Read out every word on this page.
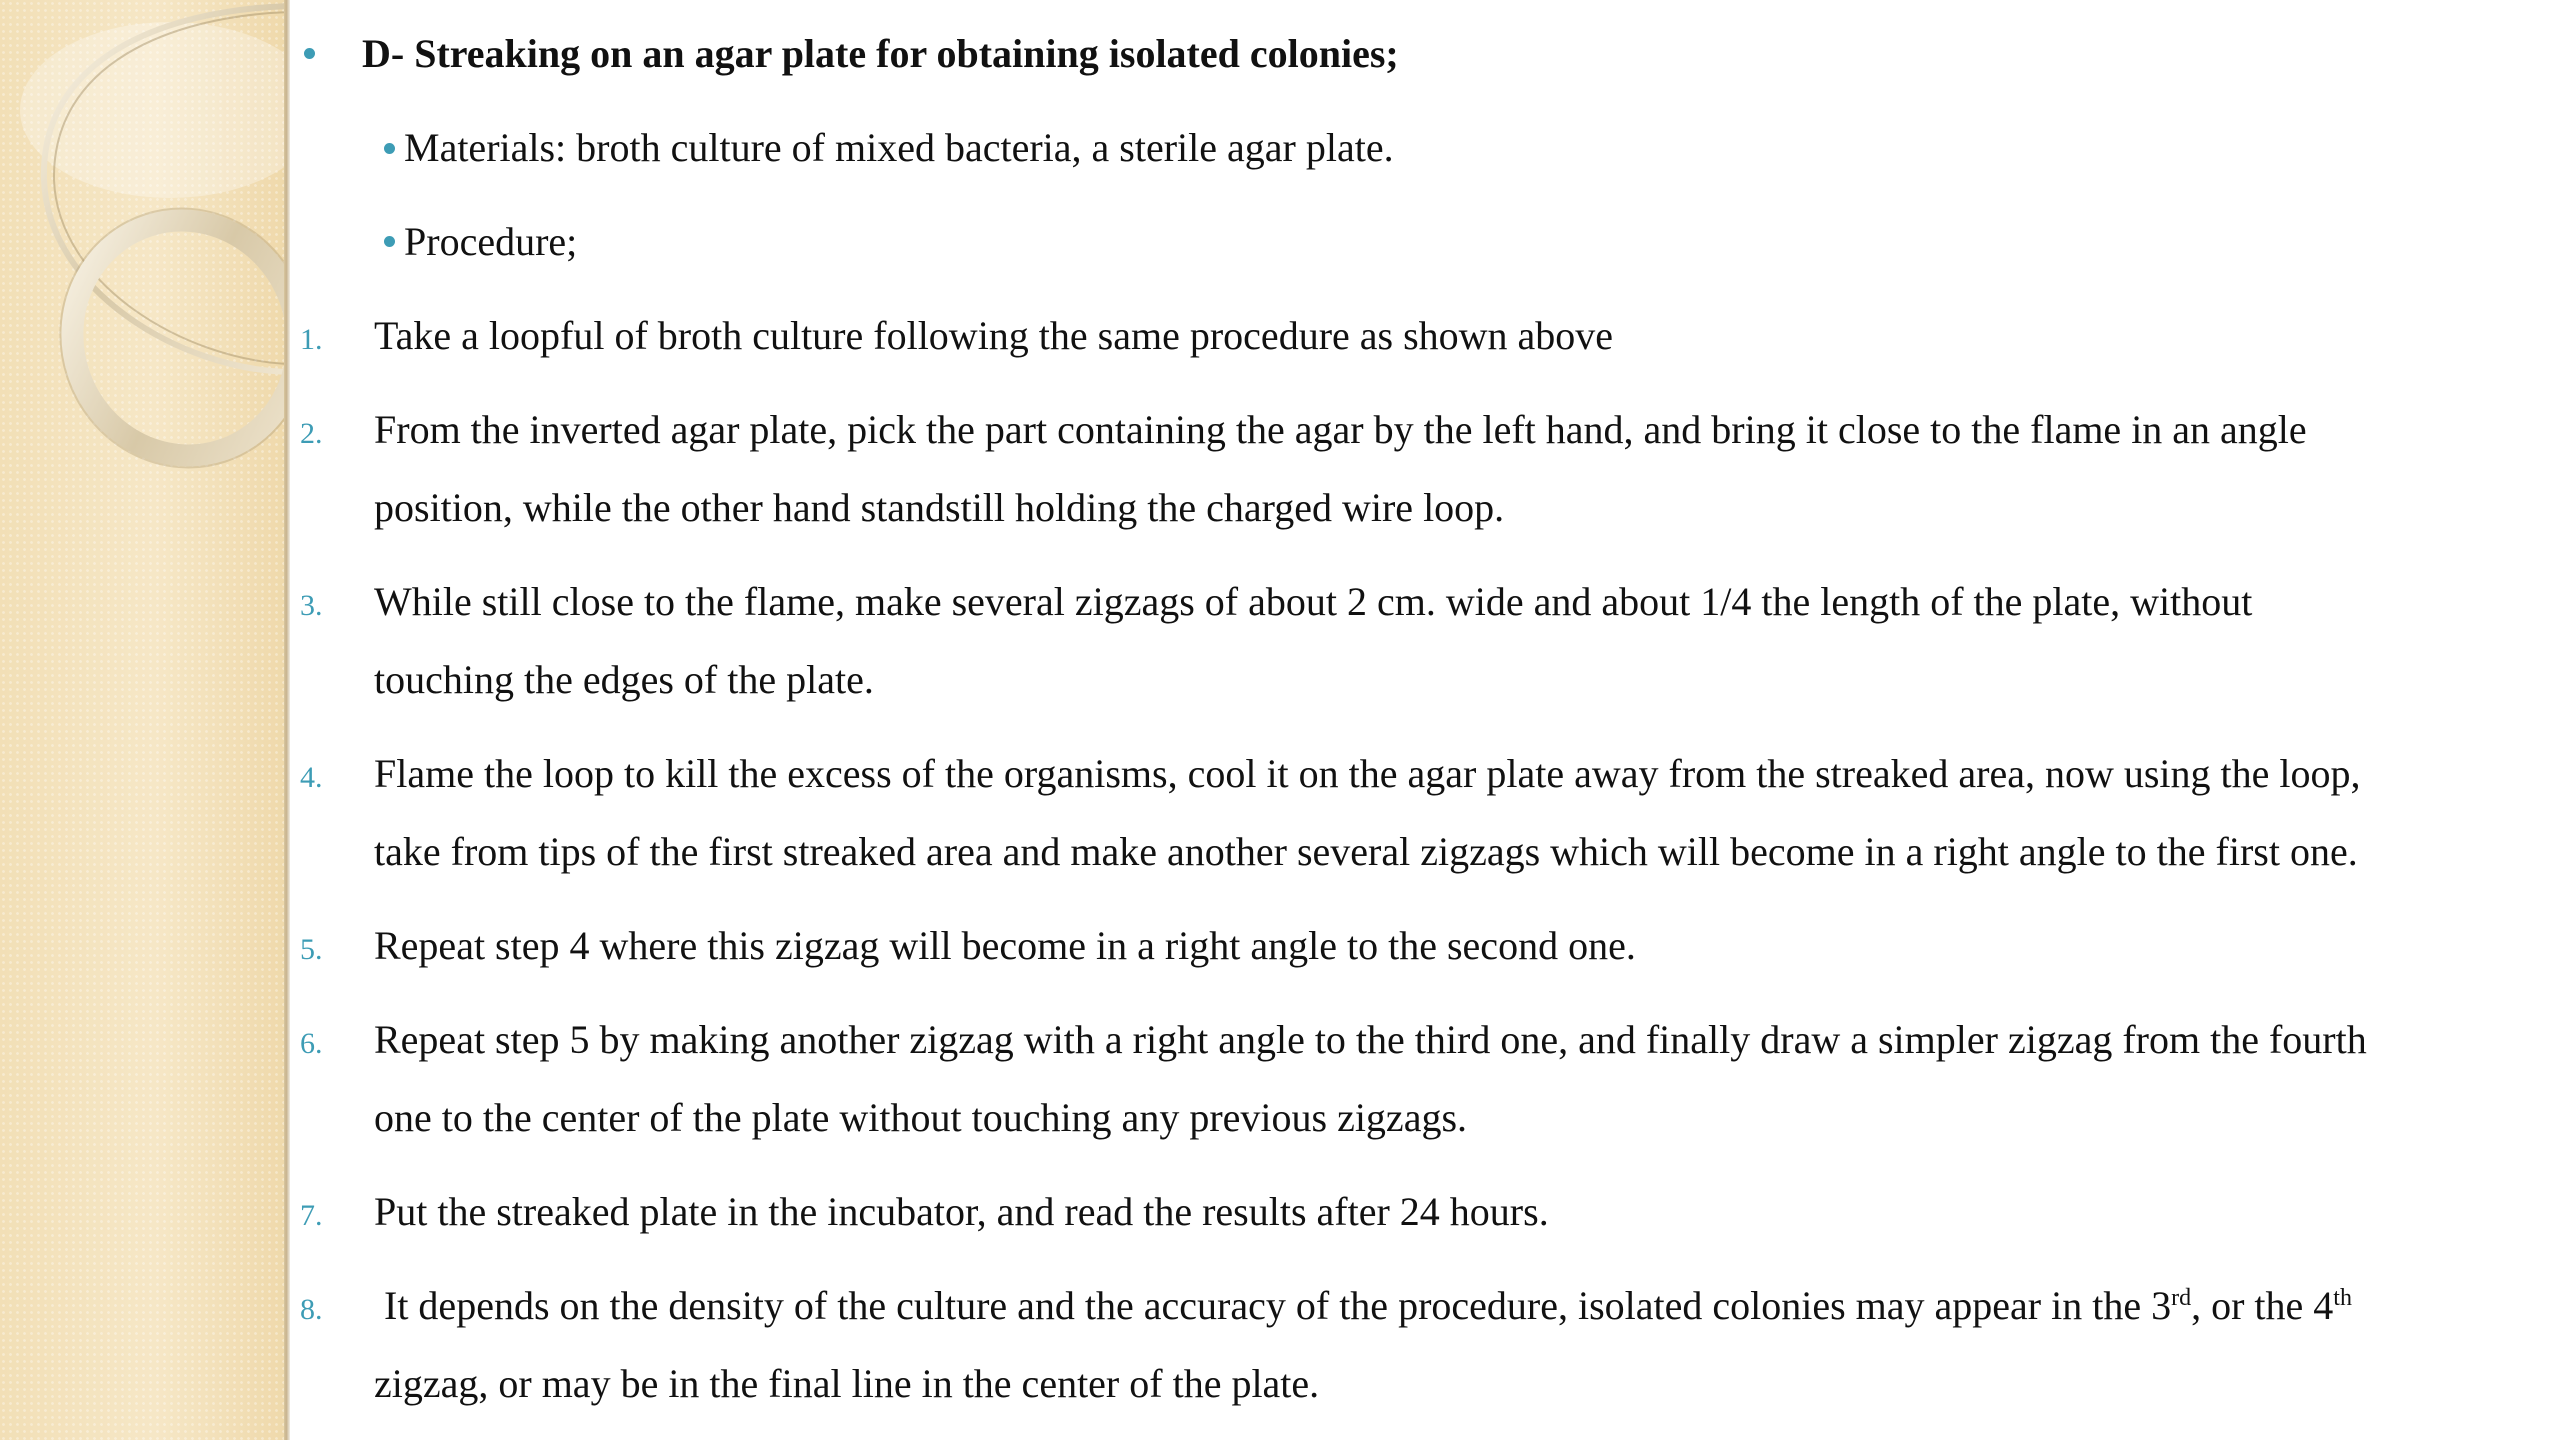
D- Streaking on an agar plate for obtaining isolated colonies;
Materials: broth culture of mixed bacteria, a sterile agar plate.
Procedure;
1. Take a loopful of broth culture following the same procedure as shown above
2. From the inverted agar plate, pick the part containing the agar by the left hand, and bring it close to the flame in an angle
position, while the other hand standstill holding the charged wire loop.
3. While still close to the flame, make several zigzags of about 2 cm. wide and about 1/4 the length of the plate, without
touching the edges of the plate.
4. Flame the loop to kill the excess of the organisms, cool it on the agar plate away from the streaked area, now using the loop,
take from tips of the first streaked area and make another several zigzags which will become in a right angle to the first one.
5. Repeat step 4 where this zigzag will become in a right angle to the second one.
6. Repeat step 5 by making another zigzag with a right angle to the third one, and finally draw a simpler zigzag from the fourth
one to the center of the plate without touching any previous zigzags.
7. Put the streaked plate in the incubator, and read the results after 24 hours.
8. It depends on the density of the culture and the accuracy of the procedure, isolated colonies may appear in the 3rd, or the 4th
zigzag, or may be in the final line in the center of the plate.
